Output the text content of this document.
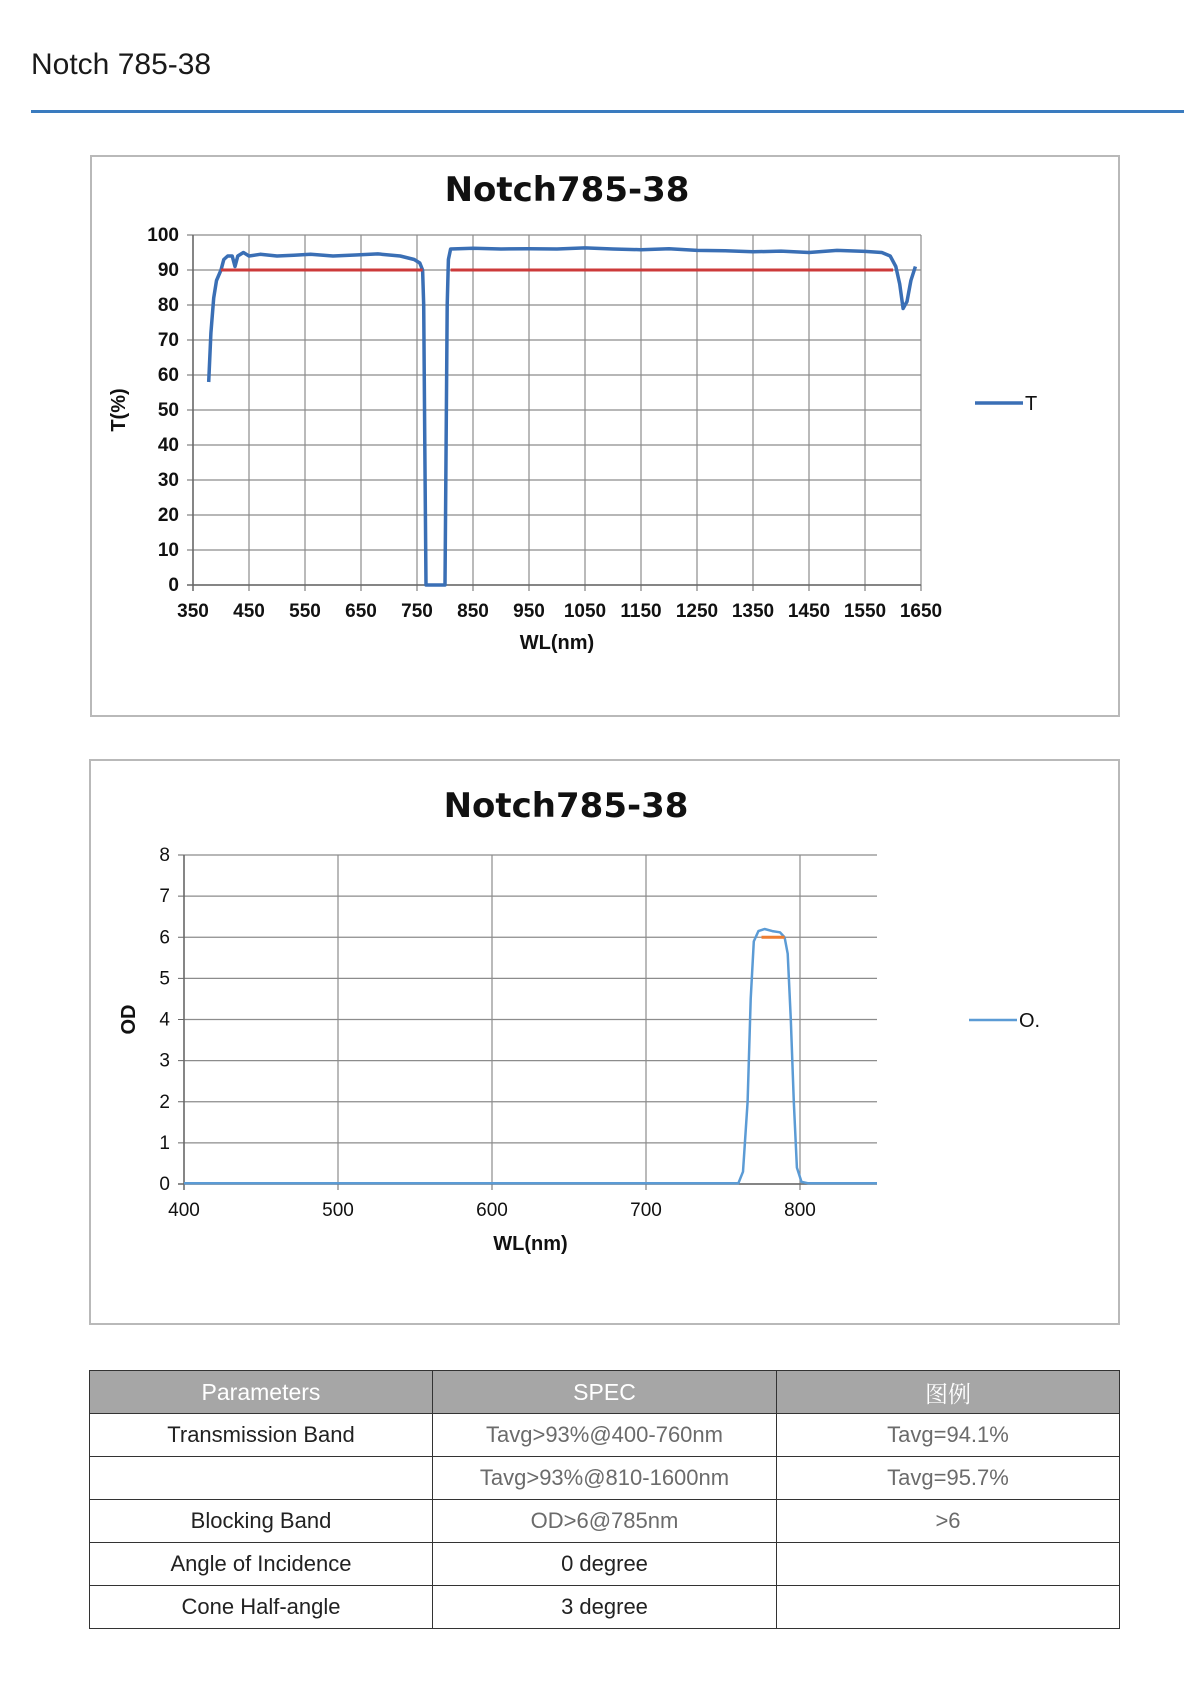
Notch 785-38
Notch785-38
0
10
20
30
40
50
60
70
80
90
100
350 450 550 650 750 850 950 1050 1150 1250 1350 1450 1550 1650
WL(nm)
T(%)	T
Notch785-38
0
1
2
3
4
5
6
7
8
400	500	600	700	800
WL(nm)
OD	O.
Parameters	SPEC	图例
Transmission Band	Tavg>93%@400-760nm	Tavg=94.1%
	Tavg>93%@810-1600nm	Tavg=95.7%
Blocking Band	OD>6@785nm	>6
Angle of Incidence	0 degree	
Cone Half-angle	3 degree	
